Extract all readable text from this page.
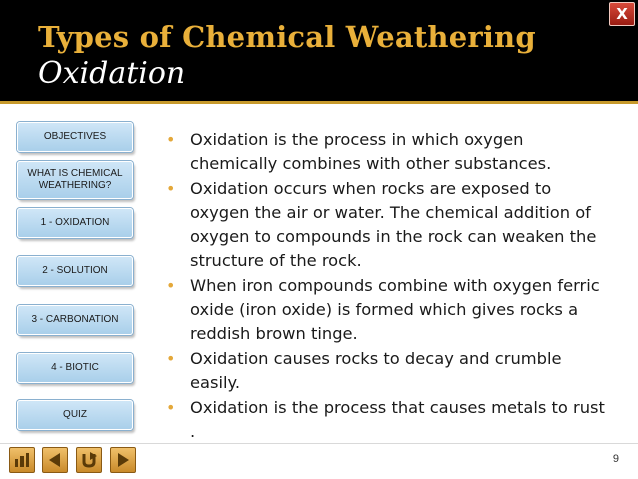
Types of Chemical Weathering
Oxidation
X
OBJECTIVES
WHAT IS CHEMICAL WEATHERING?
1 - OXIDATION
2 - SOLUTION
3 - CARBONATION
4 - BIOTIC
QUIZ
• Oxidation is the process in which oxygen chemically combines with other substances.
• Oxidation occurs when rocks are exposed to oxygen the air or water. The chemical addition of oxygen to compounds in the rock can weaken the structure of the rock.
• When iron compounds combine with oxygen ferric oxide (iron oxide) is formed which gives rocks a reddish brown tinge.
• Oxidation causes rocks to decay and crumble easily.
• Oxidation is the process that causes metals to rust .
9
